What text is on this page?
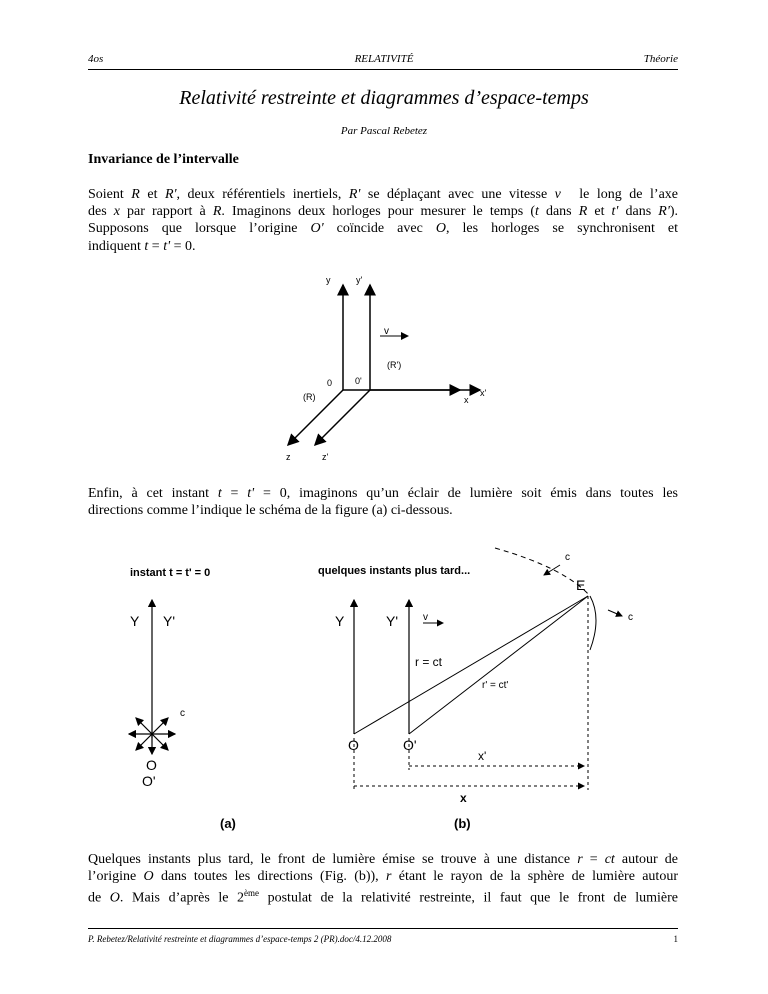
4os	RELATIVITÉ	Théorie
Relativité restreinte et diagrammes d’espace-temps
Par Pascal Rebetez
Invariance de l’intervalle
Soient R et R', deux référentiels inertiels, R' se déplaçant avec une vitesse v⃗ le long de l’axe
des x par rapport à R. Imaginons deux horloges pour mesurer le temps (t dans R et t' dans R').
Supposons que lorsque l’origine O' coïncide avec O, les horloges se synchronisent et
indiquent t = t' = 0.
y	y'
v
(R')
0	0'
(R)	x
x'
z	z'
Enfin, à cet instant t = t' = 0, imaginons qu’un éclair de lumière soit émis dans toutes les
directions comme l’indique le schéma de la figure (a) ci-dessous.
instant t = t' = 0
Y Y'
c
O
O'
(a)
quelques instants plus tard...
c
E
c
Y	Y' v
r = ct
r' = ct'
O	O'
x'
x
(b)
Quelques instants plus tard, le front de lumière émise se trouve à une distance r = ct autour de
l’origine O dans toutes les directions (Fig. (b)), r étant le rayon de la sphère de lumière autour
de O. Mais d’après le 2ème postulat de la relativité restreinte, il faut que le front de lumière
P. Rebetez/Relativité restreinte et diagrammes d’espace-temps 2 (PR).doc/4.12.2008	1
